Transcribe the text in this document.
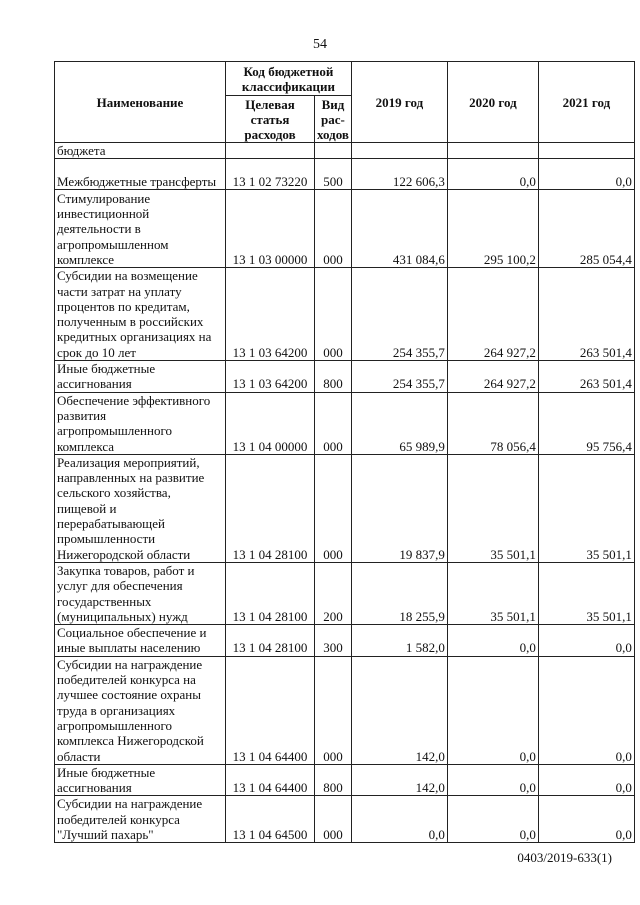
54
Наименование	Код бюджетной классификации		2019 год	2020 год	2021 год
	Целевая статья расходов	Вид рас-ходов			
бюджета					
Межбюджетные трансферты	13 1 02 73220	500	122 606,3	0,0	0,0
Стимулирование инвестиционной деятельности в агропромышленном комплексе	13 1 03 00000	000	431 084,6	295 100,2	285 054,4
Субсидии на возмещение части затрат на уплату процентов по кредитам, полученным в российских кредитных организациях на срок до 10 лет	13 1 03 64200	000	254 355,7	264 927,2	263 501,4
Иные бюджетные ассигнования	13 1 03 64200	800	254 355,7	264 927,2	263 501,4
Обеспечение эффективного развития агропромышленного комплекса	13 1 04 00000	000	65 989,9	78 056,4	95 756,4
Реализация мероприятий, направленных на развитие сельского хозяйства, пищевой и перерабатывающей промышленности Нижегородской области	13 1 04 28100	000	19 837,9	35 501,1	35 501,1
Закупка товаров, работ и услуг для обеспечения государственных (муниципальных) нужд	13 1 04 28100	200	18 255,9	35 501,1	35 501,1
Социальное обеспечение и иные выплаты населению	13 1 04 28100	300	1 582,0	0,0	0,0
Субсидии на награждение победителей конкурса на лучшее состояние охраны труда в организациях агропромышленного комплекса Нижегородской области	13 1 04 64400	000	142,0	0,0	0,0
Иные бюджетные ассигнования	13 1 04 64400	800	142,0	0,0	0,0
Субсидии на награждение победителей конкурса "Лучший пахарь"	13 1 04 64500	000	0,0	0,0	0,0
0403/2019-633(1)
